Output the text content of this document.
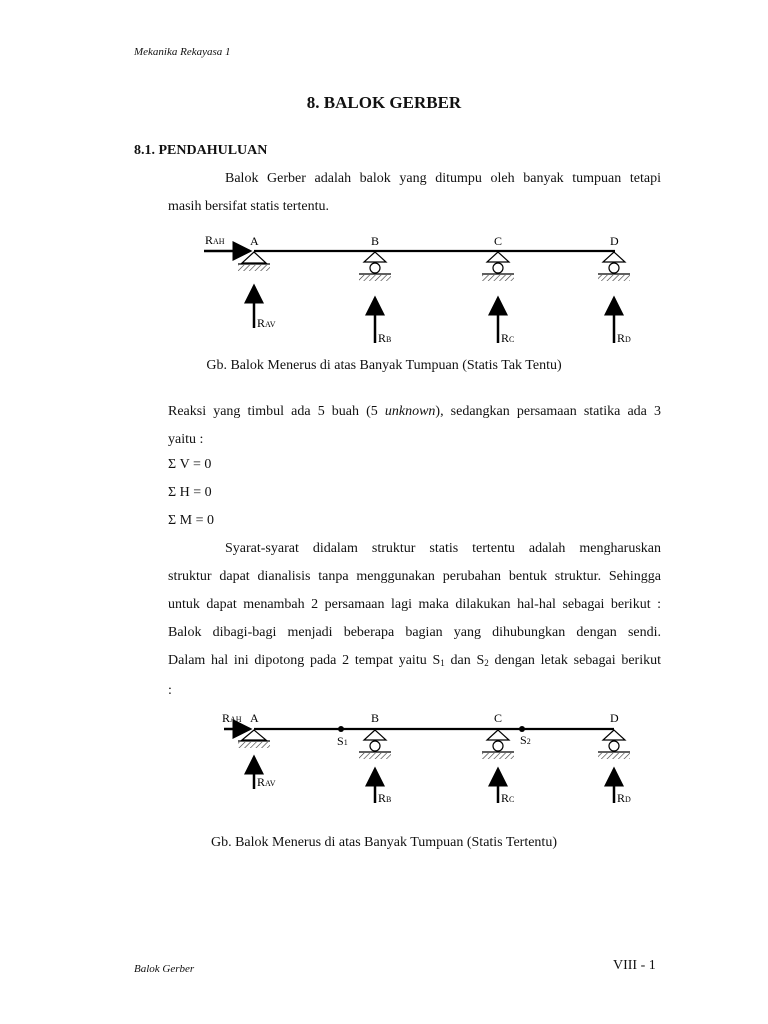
Mekanika Rekayasa 1
8. BALOK GERBER
8.1. PENDAHULUAN
Balok Gerber adalah balok yang ditumpu oleh banyak tumpuan tetapi
masih bersifat statis tertentu.
RAH A	B	C	D
RAV
RB	RC	RD
Gb. Balok Menerus di atas Banyak Tumpuan (Statis Tak Tentu)
Reaksi yang timbul ada 5 buah (5 unknown), sedangkan persamaan statika ada 3
yaitu :
Σ V = 0
Σ H = 0
Σ M = 0
Syarat-syarat didalam struktur statis tertentu adalah mengharuskan
struktur dapat dianalisis tanpa menggunakan perubahan bentuk struktur. Sehingga
untuk dapat menambah 2 persamaan lagi maka dilakukan hal-hal sebagai berikut :
Balok dibagi-bagi menjadi beberapa bagian yang dihubungkan dengan sendi.
Dalam hal ini dipotong pada 2 tempat yaitu $S_1$ dan $S_2$ dengan letak sebagai berikut
:
RAH
S1	S2
A	B	C	D
RAV
RB	RC	RD
Gb. Balok Menerus di atas Banyak Tumpuan (Statis Tertentu)
Balok Gerber	VIII - 1
